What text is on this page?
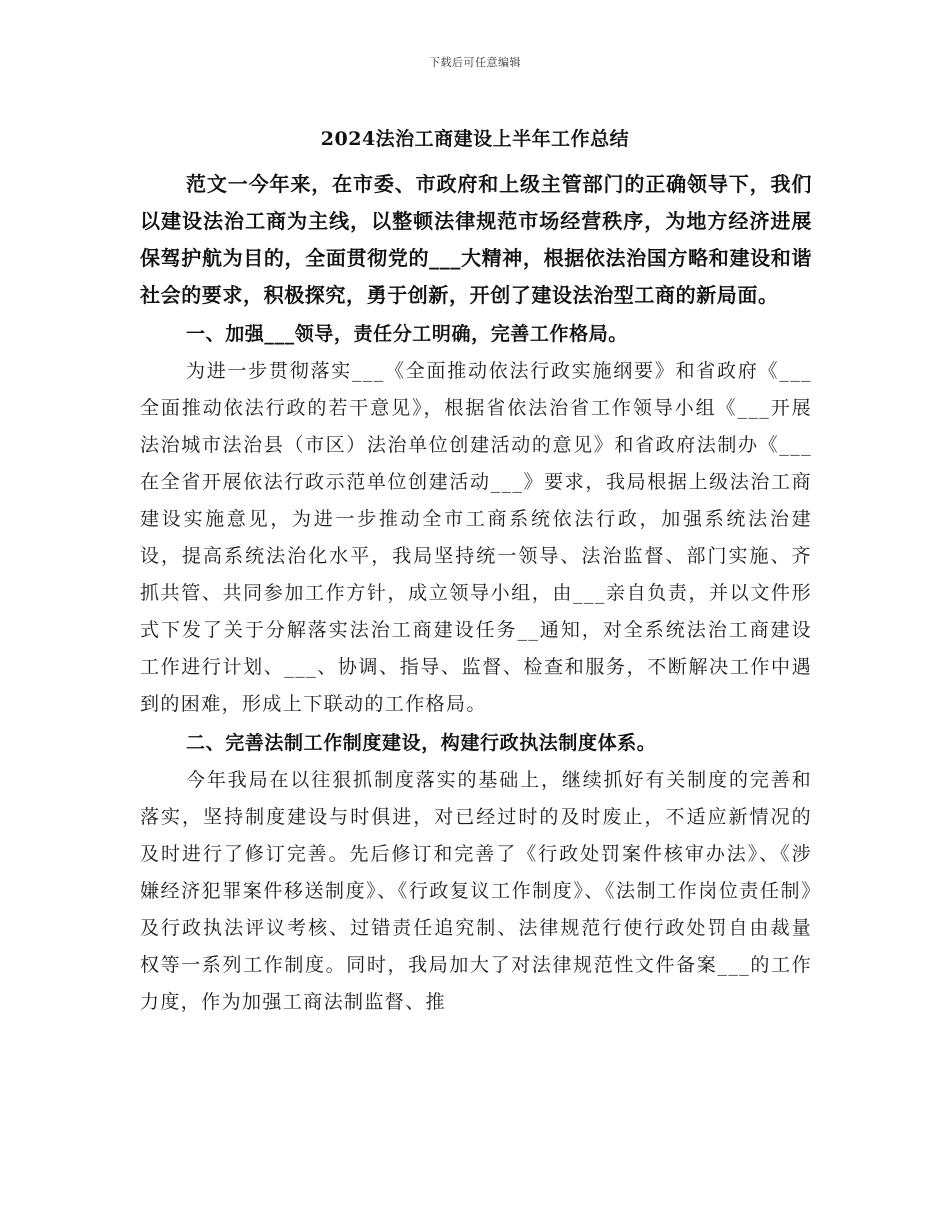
下载后可任意编辑
2024法治工商建设上半年工作总结

范文一今年来，在市委、市政府和上级主管部门的正确领导下，我们以建设法治工商为主线，以整顿法律规范市场经营秩序，为地方经济进展保驾护航为目的，全面贯彻党的___大精神，根据依法治国方略和建设和谐社会的要求，积极探究，勇于创新，开创了建设法治型工商的新局面。

一、加强___领导，责任分工明确，完善工作格局。

为进一步贯彻落实___《全面推动依法行政实施纲要》和省政府《___全面推动依法行政的若干意见》，根据省依法治省工作领导小组《___开展法治城市法治县（市区）法治单位创建活动的意见》和省政府法制办《___在全省开展依法行政示范单位创建活动___》要求，我局根据上级法治工商建设实施意见，为进一步推动全市工商系统依法行政，加强系统法治建设，提高系统法治化水平，我局坚持统一领导、法治监督、部门实施、齐抓共管、共同参加工作方针，成立领导小组，由___亲自负责，并以文件形式下发了关于分解落实法治工商建设任务__通知，对全系统法治工商建设工作进行计划、___、协调、指导、监督、检查和服务，不断解决工作中遇到的困难，形成上下联动的工作格局。

二、完善法制工作制度建设，构建行政执法制度体系。

今年我局在以往狠抓制度落实的基础上，继续抓好有关制度的完善和落实，坚持制度建设与时俱进，对已经过时的及时废止，不适应新情况的及时进行了修订完善。先后修订和完善了《行政处罚案件核审办法》、《涉嫌经济犯罪案件移送制度》、《行政复议工作制度》、《法制工作岗位责任制》及行政执法评议考核、过错责任追究制、法律规范行使行政处罚自由裁量权等一系列工作制度。同时，我局加大了对法律规范性文件备案___的工作力度，作为加强工商法制监督、推
